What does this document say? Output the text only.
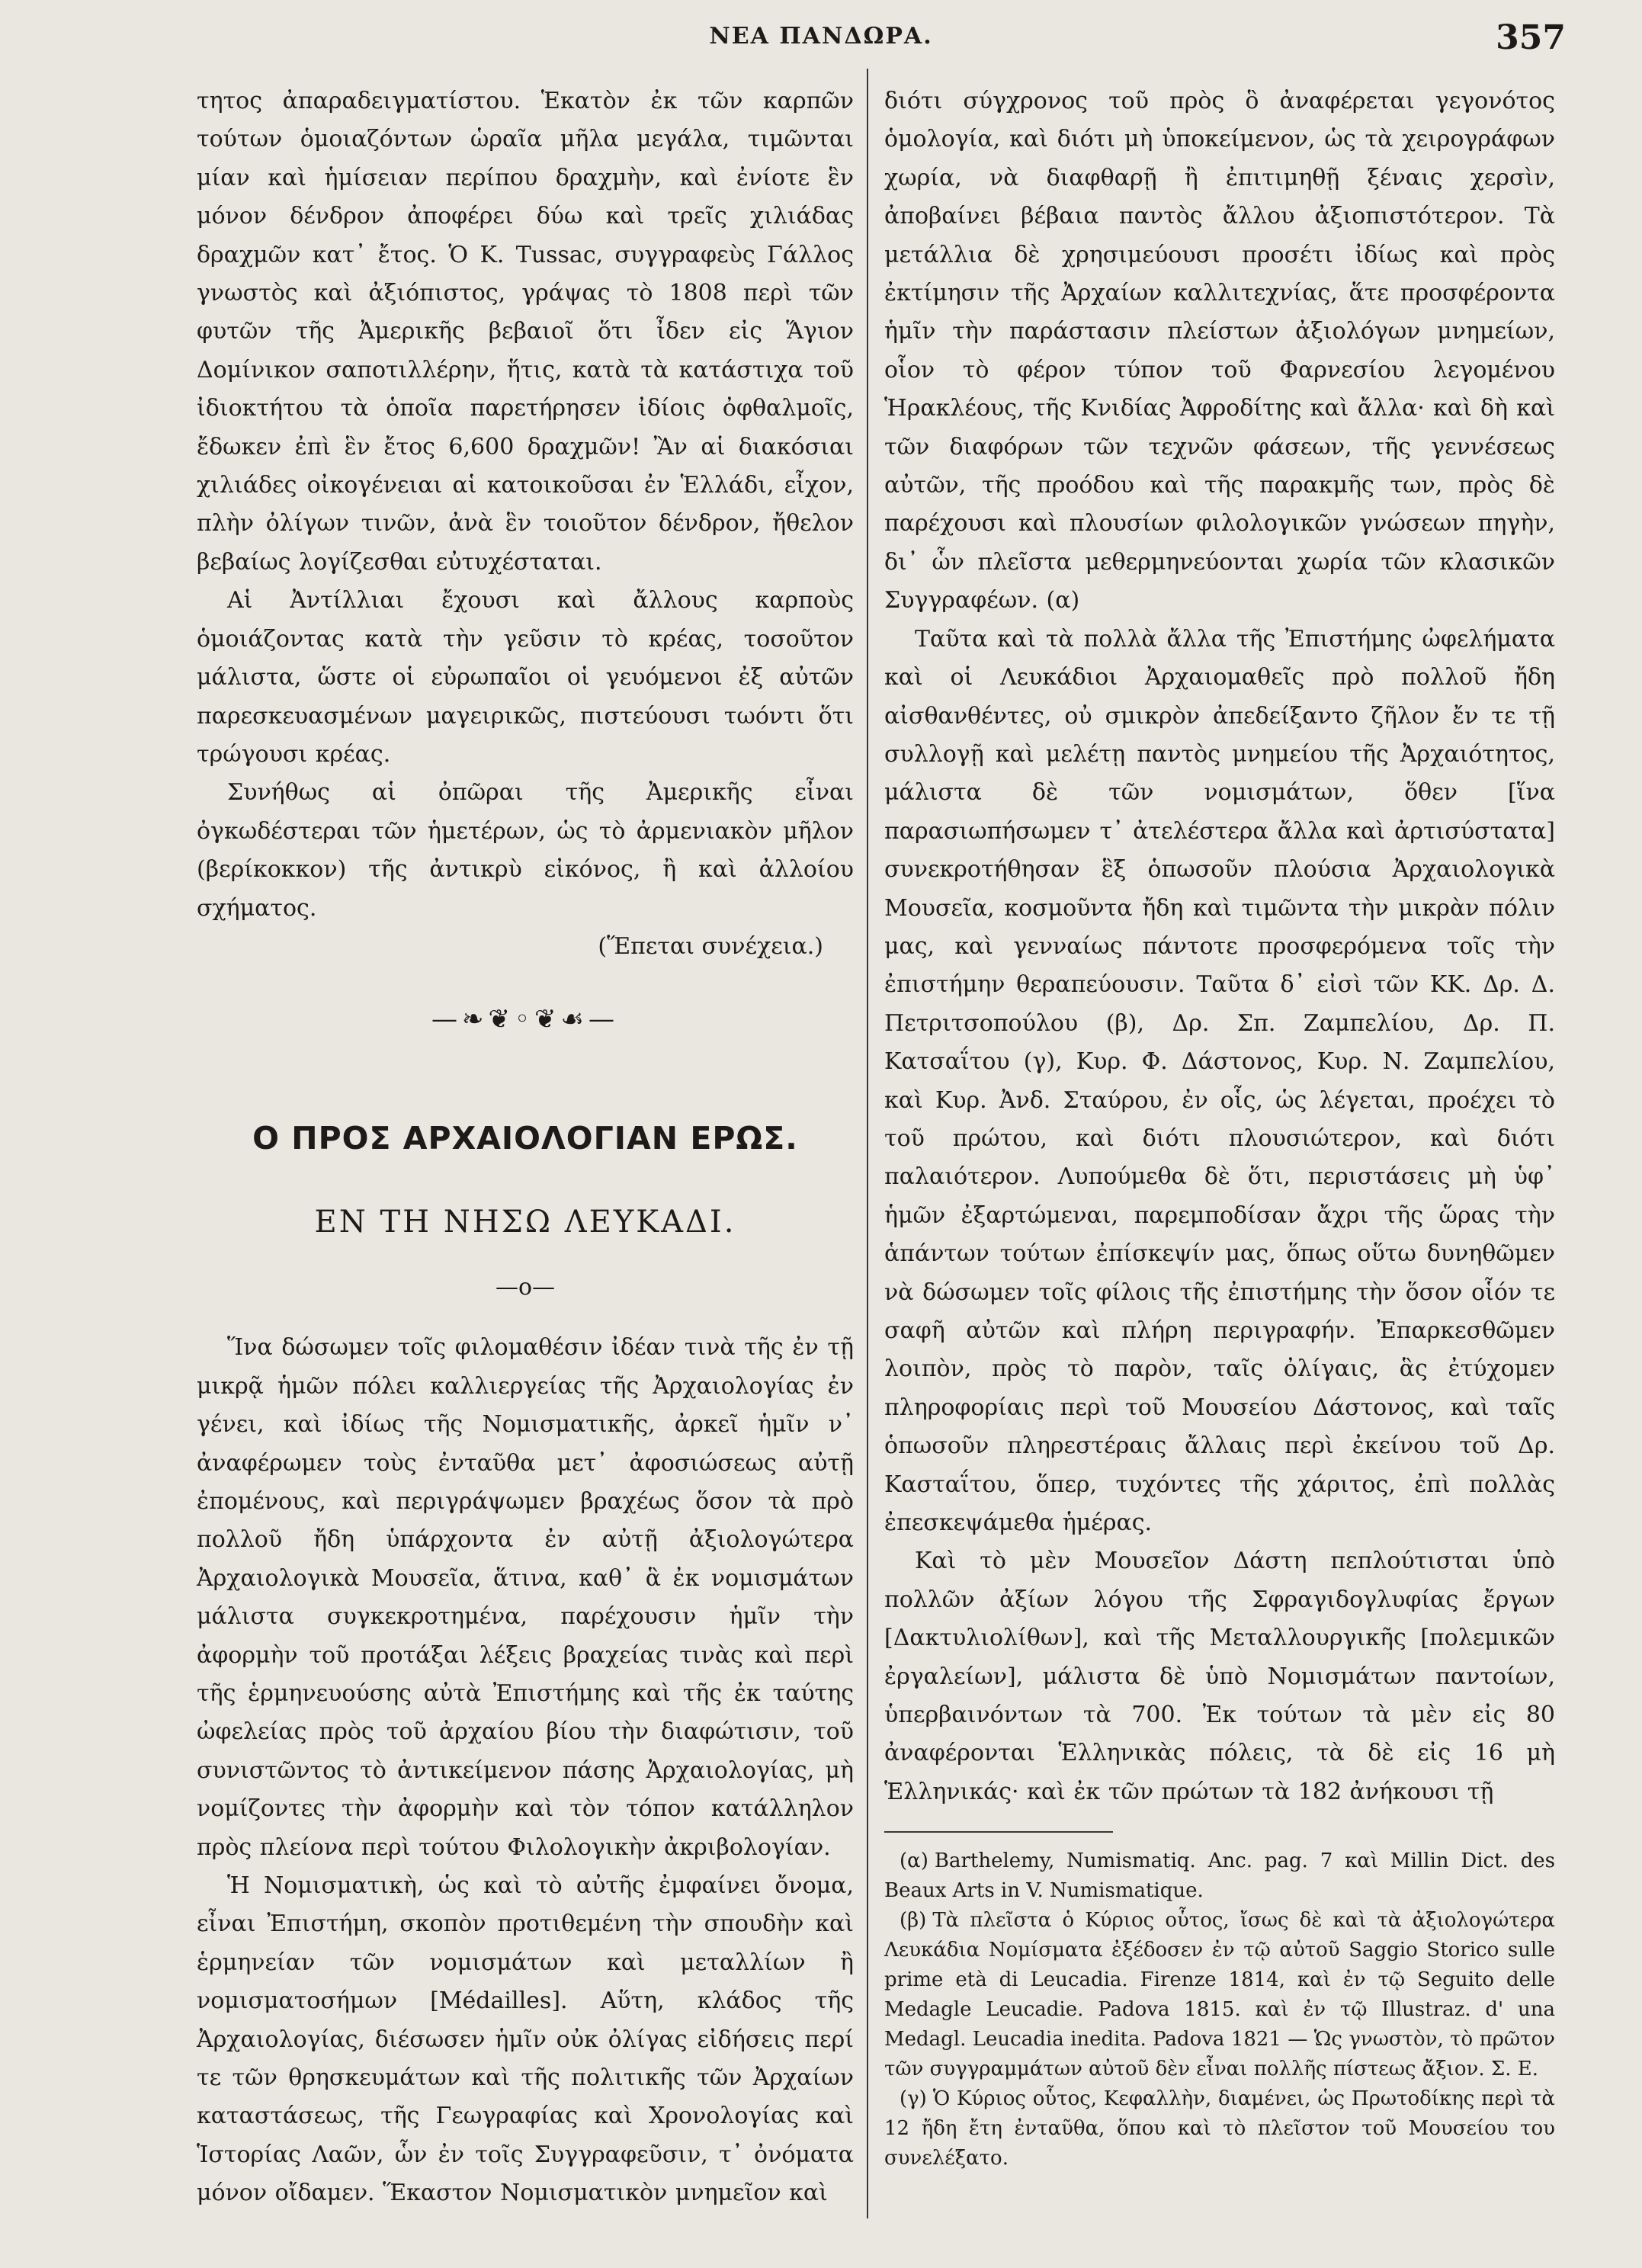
ΝΕΑ ΠΑΝΔΩΡΑ.	357

τητος ἀπαραδειγματίστου. Ἑκατὸν ἐκ τῶν καρπῶν τούτων ὁμοιαζόντων ὡραῖα μῆλα μεγάλα, τιμῶνται μίαν καὶ ἡμίσειαν περίπου δραχμὴν, καὶ ἐνίοτε ἓν μόνον δένδρον ἀποφέρει δύω καὶ τρεῖς χιλιάδας δραχμῶν κατ᾽ ἔτος. Ὁ Κ. Tussac, συγγραφεὺς Γάλλος γνωστὸς καὶ ἀξιόπιστος, γράψας τὸ 1808 περὶ τῶν φυτῶν τῆς Ἀμερικῆς βεβαιοῖ ὅτι ἶδεν εἰς Ἅγιον Δομίνικον σαποτιλλέρην, ἥτις, κατὰ τὰ κατάστιχα τοῦ ἰδιοκτήτου τὰ ὁποῖα παρετήρησεν ἰδίοις ὀφθαλμοῖς, ἔδωκεν ἐπὶ ἓν ἔτος 6,600 δραχμῶν! Ἂν αἱ διακόσιαι χιλιάδες οἰκογένειαι αἱ κατοικοῦσαι ἐν Ἑλλάδι, εἶχον, πλὴν ὀλίγων τινῶν, ἀνὰ ἓν τοιοῦτον δένδρον, ἤθελον βεβαίως λογίζεσθαι εὐτυχέσταται.

Αἱ Ἀντίλλιαι ἔχουσι καὶ ἄλλους καρποὺς ὁμοιάζοντας κατὰ τὴν γεῦσιν τὸ κρέας, τοσοῦτον μάλιστα, ὥστε οἱ εὐρωπαῖοι οἱ γευόμενοι ἐξ αὐτῶν παρεσκευασμένων μαγειρικῶς, πιστεύουσι τωόντι ὅτι τρώγουσι κρέας.

Συνήθως αἱ ὀπῶραι τῆς Ἀμερικῆς εἶναι ὀγκωδέστεραι τῶν ἡμετέρων, ὡς τὸ ἀρμενιακὸν μῆλον (βερίκοκκον) τῆς ἀντικρὺ εἰκόνος, ἢ καὶ ἀλλοίου σχήματος.

(Ἕπεται συνέχεια.)

—❧❦◦❦☙—
Ο ΠΡΟΣ ΑΡΧΑΙΟΛΟΓΙΑΝ ΕΡΩΣ.
ΕΝ ΤΗ ΝΗΣΩ ΛΕΥΚΑΔΙ.
—ο—

Ἵνα δώσωμεν τοῖς φιλομαθέσιν ἰδέαν τινὰ τῆς ἐν τῇ μικρᾷ ἡμῶν πόλει καλλιεργείας τῆς Ἀρχαιολογίας ἐν γένει, καὶ ἰδίως τῆς Νομισματικῆς, ἀρκεῖ ἡμῖν ν᾽ ἀναφέρωμεν τοὺς ἐνταῦθα μετ᾽ ἀφοσιώσεως αὐτῇ ἐπομένους, καὶ περιγράψωμεν βραχέως ὅσον τὰ πρὸ πολλοῦ ἤδη ὑπάρχοντα ἐν αὐτῇ ἀξιολογώτερα Ἀρχαιολογικὰ Μουσεῖα, ἅτινα, καθ᾽ ἃ ἐκ νομισμάτων μάλιστα συγκεκροτημένα, παρέχουσιν ἡμῖν τὴν ἀφορμὴν τοῦ προτάξαι λέξεις βραχείας τινὰς καὶ περὶ τῆς ἑρμηνευούσης αὐτὰ Ἐπιστήμης καὶ τῆς ἐκ ταύτης ὠφελείας πρὸς τοῦ ἀρχαίου βίου τὴν διαφώτισιν, τοῦ συνιστῶντος τὸ ἀντικείμενον πάσης Ἀρχαιολογίας, μὴ νομίζοντες τὴν ἀφορμὴν καὶ τὸν τόπον κατάλληλον πρὸς πλείονα περὶ τούτου Φιλολογικὴν ἀκριβολογίαν.

Ἡ Νομισματικὴ, ὡς καὶ τὸ αὐτῆς ἐμφαίνει ὄνομα, εἶναι Ἐπιστήμη, σκοπὸν προτιθεμένη τὴν σπουδὴν καὶ ἑρμηνείαν τῶν νομισμάτων καὶ μεταλλίων ἢ νομισματοσήμων [Médailles]. Αὕτη, κλάδος τῆς Ἀρχαιολογίας, διέσωσεν ἡμῖν οὐκ ὀλίγας εἰδήσεις περί τε τῶν θρησκευμάτων καὶ τῆς πολιτικῆς τῶν Ἀρχαίων καταστάσεως, τῆς Γεωγραφίας καὶ Χρονολογίας καὶ Ἱστορίας Λαῶν, ὧν ἐν τοῖς Συγγραφεῦσιν, τ᾽ ὀνόματα μόνον οἴδαμεν. Ἕκαστον Νομισματικὸν μνημεῖον καὶ

διότι σύγχρονος τοῦ πρὸς ὃ ἀναφέρεται γεγονότος ὁμολογία, καὶ διότι μὴ ὑποκείμενον, ὡς τὰ χειρογράφων χωρία, νὰ διαφθαρῇ ἢ ἐπιτιμηθῇ ξέναις χερσὶν, ἀποβαίνει βέβαια παντὸς ἄλλου ἀξιοπιστότερον. Τὰ μετάλλια δὲ χρησιμεύουσι προσέτι ἰδίως καὶ πρὸς ἐκτίμησιν τῆς Ἀρχαίων καλλιτεχνίας, ἅτε προσφέροντα ἡμῖν τὴν παράστασιν πλείστων ἀξιολόγων μνημείων, οἷον τὸ φέρον τύπον τοῦ Φαρνεσίου λεγομένου Ἡρακλέους, τῆς Κνιδίας Ἀφροδίτης καὶ ἄλλα· καὶ δὴ καὶ τῶν διαφόρων τῶν τεχνῶν φάσεων, τῆς γεννέσεως αὐτῶν, τῆς προόδου καὶ τῆς παρακμῆς των, πρὸς δὲ παρέχουσι καὶ πλουσίων φιλολογικῶν γνώσεων πηγὴν, δι᾽ ὧν πλεῖστα μεθερμηνεύονται χωρία τῶν κλασικῶν Συγγραφέων. (α)

Ταῦτα καὶ τὰ πολλὰ ἄλλα τῆς Ἐπιστήμης ὠφελήματα καὶ οἱ Λευκάδιοι Ἀρχαιομαθεῖς πρὸ πολλοῦ ἤδη αἰσθανθέντες, οὐ σμικρὸν ἀπεδείξαντο ζῆλον ἔν τε τῇ συλλογῇ καὶ μελέτῃ παντὸς μνημείου τῆς Ἀρχαιότητος, μάλιστα δὲ τῶν νομισμάτων, ὅθεν [ἵνα παρασιωπήσωμεν τ᾽ ἀτελέστερα ἄλλα καὶ ἀρτισύστατα] συνεκροτήθησαν ἓξ ὁπωσοῦν πλούσια Ἀρχαιολογικὰ Μουσεῖα, κοσμοῦντα ἤδη καὶ τιμῶντα τὴν μικρὰν πόλιν μας, καὶ γενναίως πάντοτε προσφερόμενα τοῖς τὴν ἐπιστήμην θεραπεύουσιν. Ταῦτα δ᾽ εἰσὶ τῶν ΚΚ. Δρ. Δ. Πετριτσοπούλου (β), Δρ. Σπ. Ζαμπελίου, Δρ. Π. Κατσαΐτου (γ), Κυρ. Φ. Δάστονος, Κυρ. Ν. Ζαμπελίου, καὶ Κυρ. Ἀνδ. Σταύρου, ἐν οἷς, ὡς λέγεται, προέχει τὸ τοῦ πρώτου, καὶ διότι πλουσιώτερον, καὶ διότι παλαιότερον. Λυπούμεθα δὲ ὅτι, περιστάσεις μὴ ὑφ᾽ ἡμῶν ἐξαρτώμεναι, παρεμποδίσαν ἄχρι τῆς ὥρας τὴν ἁπάντων τούτων ἐπίσκεψίν μας, ὅπως οὕτω δυνηθῶμεν νὰ δώσωμεν τοῖς φίλοις τῆς ἐπιστήμης τὴν ὅσον οἷόν τε σαφῆ αὐτῶν καὶ πλήρη περιγραφήν. Ἐπαρκεσθῶμεν λοιπὸν, πρὸς τὸ παρὸν, ταῖς ὀλίγαις, ἃς ἐτύχομεν πληροφορίαις περὶ τοῦ Μουσείου Δάστονος, καὶ ταῖς ὁπωσοῦν πληρεστέραις ἄλλαις περὶ ἐκείνου τοῦ Δρ. Κασταΐτου, ὅπερ, τυχόντες τῆς χάριτος, ἐπὶ πολλὰς ἐπεσκεψάμεθα ἡμέρας.

Καὶ τὸ μὲν Μουσεῖον Δάστη πεπλούτισται ὑπὸ πολλῶν ἀξίων λόγου τῆς Σφραγιδογλυφίας ἔργων [Δακτυλιολίθων], καὶ τῆς Μεταλλουργικῆς [πολεμικῶν ἐργαλείων], μάλιστα δὲ ὑπὸ Νομισμάτων παντοίων, ὑπερβαινόντων τὰ 700. Ἐκ τούτων τὰ μὲν εἰς 80 ἀναφέρονται Ἑλληνικὰς πόλεις, τὰ δὲ εἰς 16 μὴ Ἑλληνικάς· καὶ ἐκ τῶν πρώτων τὰ 182 ἀνήκουσι τῇ

(α) Barthelemy, Numismatiq. Anc. pag. 7 καὶ Millin Dict. des Beaux Arts in V. Numismatique.

(β) Τὰ πλεῖστα ὁ Κύριος οὗτος, ἴσως δὲ καὶ τὰ ἀξιολογώτερα Λευκάδια Νομίσματα ἐξέδοσεν ἐν τῷ αὐτοῦ Saggio Storico sulle prime età di Leucadia. Firenze 1814, καὶ ἐν τῷ Seguito delle Medagle Leucadie. Padova 1815. καὶ ἐν τῷ Illustraz. d' una Medagl. Leucadia inedita. Padova 1821 — Ὡς γνωστὸν, τὸ πρῶτον τῶν συγγραμμάτων αὐτοῦ δὲν εἶναι πολλῆς πίστεως ἄξιον. Σ. Ε.

(γ) Ὁ Κύριος οὗτος, Κεφαλλὴν, διαμένει, ὡς Πρωτοδίκης περὶ τὰ 12 ἤδη ἔτη ἐνταῦθα, ὅπου καὶ τὸ πλεῖστον τοῦ Μουσείου του συνελέξατο.
